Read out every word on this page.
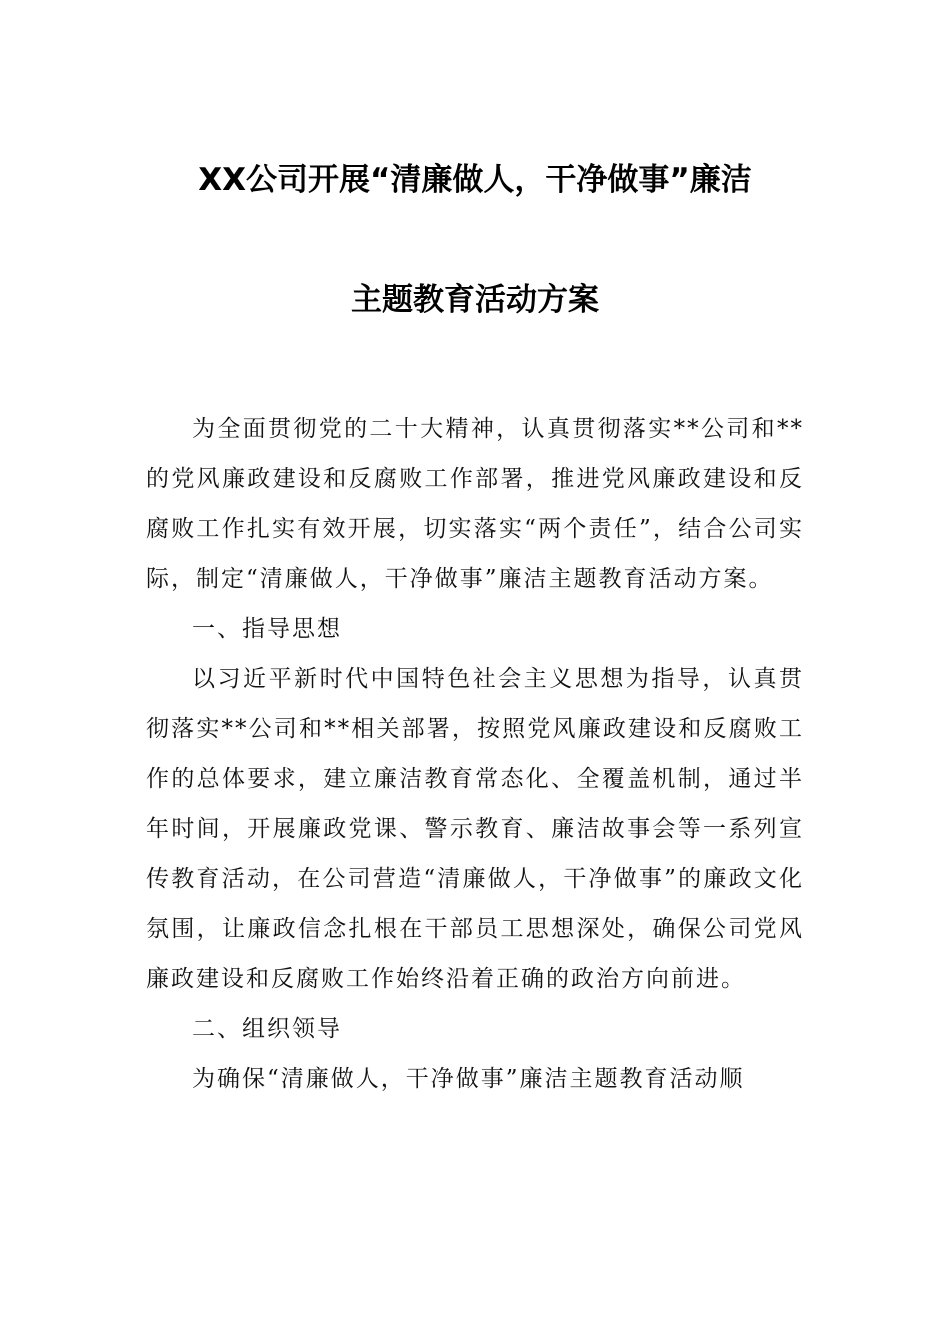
XX公司开展“清廉做人，干净做事”廉洁
主题教育活动方案

为全面贯彻党的二十大精神，认真贯彻落实**公司和**的党风廉政建设和反腐败工作部署，推进党风廉政建设和反腐败工作扎实有效开展，切实落实“两个责任”，结合公司实际，制定“清廉做人，干净做事”廉洁主题教育活动方案。

一、指导思想

以习近平新时代中国特色社会主义思想为指导，认真贯彻落实**公司和**相关部署，按照党风廉政建设和反腐败工作的总体要求，建立廉洁教育常态化、全覆盖机制，通过半年时间，开展廉政党课、警示教育、廉洁故事会等一系列宣传教育活动，在公司营造“清廉做人，干净做事”的廉政文化氛围，让廉政信念扎根在干部员工思想深处，确保公司党风廉政建设和反腐败工作始终沿着正确的政治方向前进。

二、组织领导

为确保“清廉做人，干净做事”廉洁主题教育活动顺
